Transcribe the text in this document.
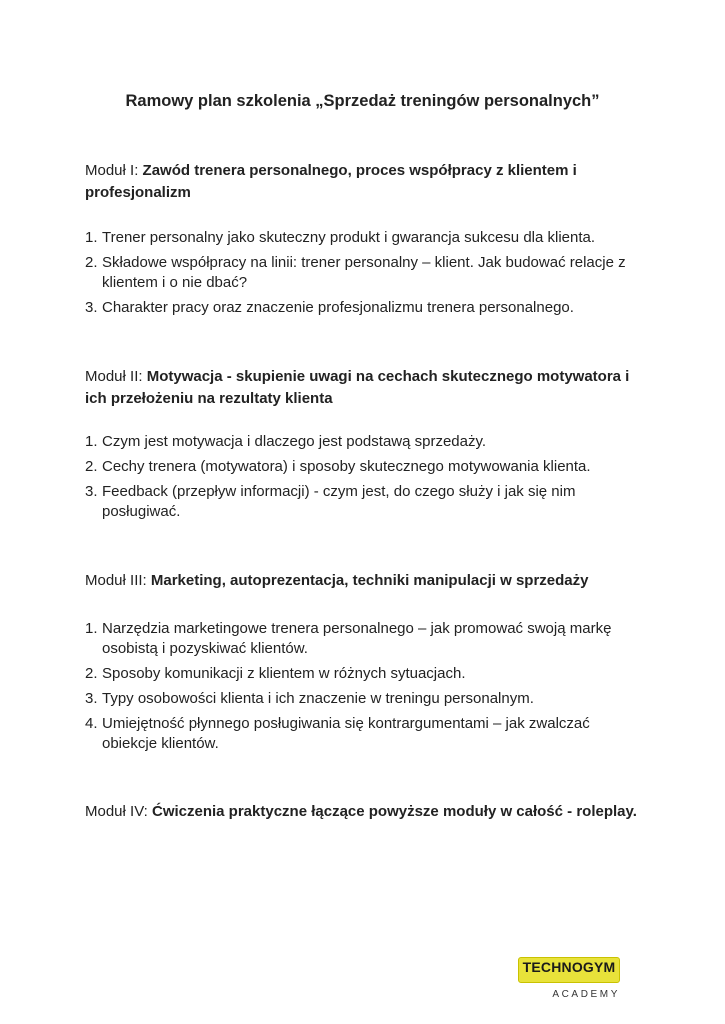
Ramowy plan szkolenia „Sprzedaż treningów personalnych”
Moduł I: Zawód trenera personalnego, proces współpracy z klientem i profesjonalizm
1. Trener personalny jako skuteczny produkt i gwarancja sukcesu dla klienta.
2. Składowe współpracy na linii: trener personalny – klient. Jak budować relacje z klientem i o nie dbać?
3. Charakter pracy oraz znaczenie profesjonalizmu trenera personalnego.
Moduł II: Motywacja - skupienie uwagi na cechach skutecznego motywatora i ich przełożeniu na rezultaty klienta
1. Czym jest motywacja i dlaczego jest podstawą sprzedaży.
2. Cechy trenera (motywatora) i sposoby skutecznego motywowania klienta.
3. Feedback (przepływ informacji) - czym jest, do czego służy i jak się nim posługiwać.
Moduł III: Marketing, autoprezentacja, techniki manipulacji w sprzedaży
1. Narzędzia marketingowe trenera personalnego – jak promować swoją markę osobistą i pozyskiwać klientów.
2. Sposoby komunikacji z klientem w różnych sytuacjach.
3. Typy osobowości klienta i ich znaczenie w treningu personalnym.
4. Umiejętność płynnego posługiwania się kontrargumentami – jak zwalczać obiekcje klientów.
Moduł IV: Ćwiczenia praktyczne łączące powyższe moduły w całość - roleplay.
TECHNOGYM
ACADEMY
